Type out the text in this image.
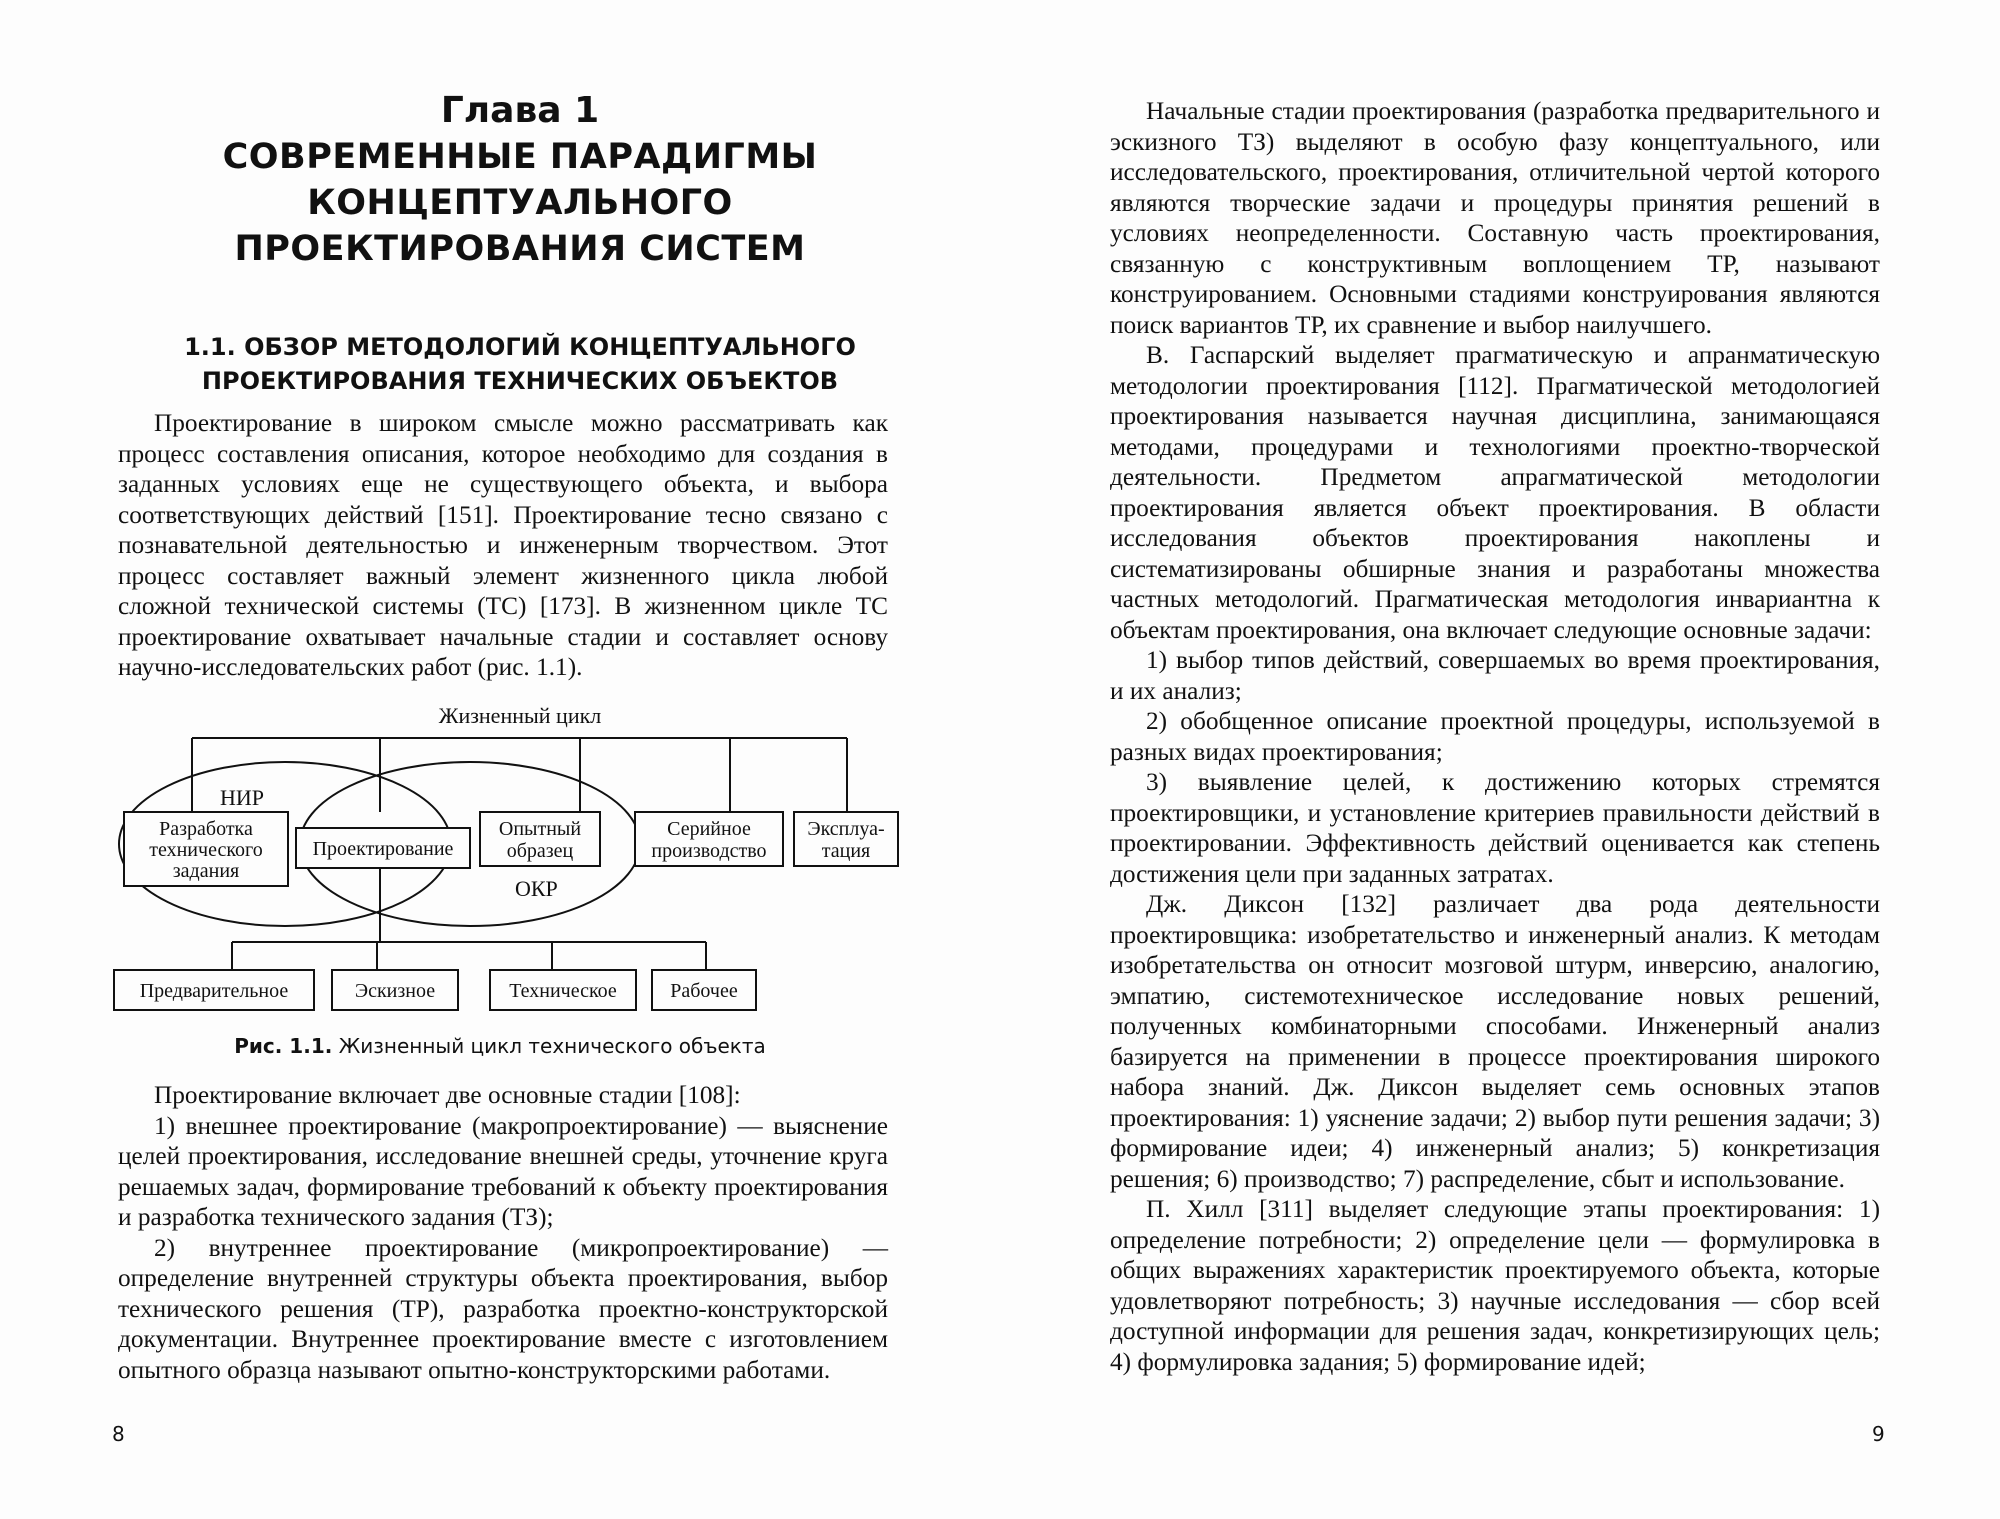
Глава 1

СОВРЕМЕННЫЕ ПАРАДИГМЫ КОНЦЕПТУАЛЬНОГО ПРОЕКТИРОВАНИЯ СИСТЕМ

1.1. ОБЗОР МЕТОДОЛОГИЙ КОНЦЕПТУАЛЬНОГО
ПРОЕКТИРОВАНИЯ ТЕХНИЧЕСКИХ ОБЪЕКТОВ

Проектирование в широком смысле можно рассматривать как процесс составления описания, которое необходимо для создания в заданных условиях еще не существующего объекта, и выбора соответствующих действий [151]. Проектирование тесно связано с познавательной деятельностью и инженерным творчеством. Этот процесс составляет важный элемент жизненного цикла любой сложной технической системы (ТС) [173]. В жизненном цикле ТС проектирование охватывает начальные стадии и составляет основу научно-исследовательских работ (рис. 1.1).

Жизненный цикл
НИР
ОКР
Разработка
технического
задания
Проектирование
Опытный
образец
Серийное
производство
Эксплуа-
тация
Предварительное	Эскизное	Техническое	Рабочее
Рис. 1.1. Жизненный цикл технического объекта

Проектирование включает две основные стадии [108]:

1) внешнее проектирование (макропроектирование) — выяснение целей проектирования, исследование внешней среды, уточнение круга решаемых задач, формирование требований к объекту проектирования и разработка технического задания (ТЗ);

2) внутреннее проектирование (микропроектирование) — определение внутренней структуры объекта проектирования, выбор технического решения (ТР), разработка проектно-конструкторской документации. Внутреннее проектирование вместе с изготовлением опытного образца называют опытно-конструкторскими работами.

8

Начальные стадии проектирования (разработка предварительного и эскизного ТЗ) выделяют в особую фазу концептуального, или исследовательского, проектирования, отличительной чертой которого являются творческие задачи и процедуры принятия решений в условиях неопределенности. Составную часть проектирования, связанную с конструктивным воплощением ТР, называют конструированием. Основными стадиями конструирования являются поиск вариантов ТР, их сравнение и выбор наилучшего.

В. Гаспарский выделяет прагматическую и апранматическую методологии проектирования [112]. Прагматической методологией проектирования называется научная дисциплина, занимающаяся методами, процедурами и технологиями проектно-творческой деятельности. Предметом апрагматической методологии проектирования является объект проектирования. В области исследования объектов проектирования накоплены и систематизированы обширные знания и разработаны множества частных методологий. Прагматическая методология инвариантна к объектам проектирования, она включает следующие основные задачи:

1) выбор типов действий, совершаемых во время проектирования, и их анализ;

2) обобщенное описание проектной процедуры, используемой в разных видах проектирования;

3) выявление целей, к достижению которых стремятся проектировщики, и установление критериев правильности действий в проектировании. Эффективность действий оценивается как степень достижения цели при заданных затратах.

Дж. Диксон [132] различает два рода деятельности проектировщика: изобретательство и инженерный анализ. К методам изобретательства он относит мозговой штурм, инверсию, аналогию, эмпатию, системотехническое исследование новых решений, полученных комбинаторными способами. Инженерный анализ базируется на применении в процессе проектирования широкого набора знаний. Дж. Диксон выделяет семь основных этапов проектирования: 1) уяснение задачи; 2) выбор пути решения задачи; 3) формирование идеи; 4) инженерный анализ; 5) конкретизация решения; 6) производство; 7) распределение, сбыт и использование.

П. Хилл [311] выделяет следующие этапы проектирования: 1) определение потребности; 2) определение цели — формулировка в общих выражениях характеристик проектируемого объекта, которые удовлетворяют потребность; 3) научные исследования — сбор всей доступной информации для решения задач, конкретизирующих цель; 4) формулировка задания; 5) формирование идей;

9
